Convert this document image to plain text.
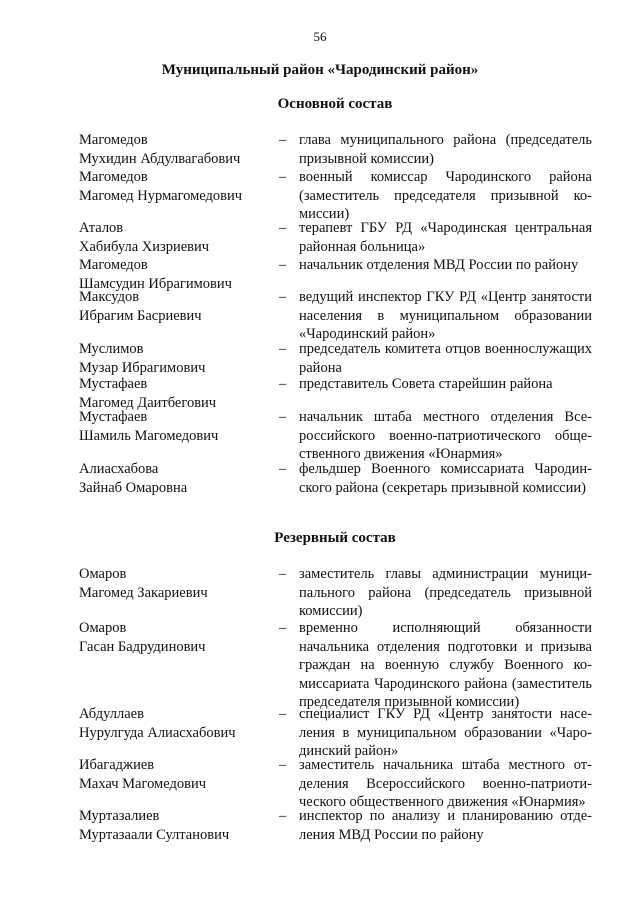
56
Муниципальный район «Чародинский район»
Основной состав
Магомедов
Мухидин Абдулвагабович
– глава муниципального района (председатель призывной комиссии)
Магомедов
Магомед Нурмагомедович
– военный комиссар Чародинского района (заместитель председателя призывной комиссии)
Аталов
Хабибула Хизриевич
– терапевт ГБУ РД «Чародинская центральная районная больница»
Магомедов
Шамсудин Ибрагимович
– начальник отделения МВД России по району
Максудов
Ибрагим Басриевич
– ведущий инспектор ГКУ РД «Центр занятости населения в муниципальном образовании «Чародинский район»
Муслимов
Музар Ибрагимович
– председатель комитета отцов военнослужащих района
Мустафаев
Магомед Даитбегович
– представитель Совета старейшин района
Мустафаев
Шамиль Магомедович
– начальник штаба местного отделения Всероссийского военно-патриотического общественного движения «Юнармия»
Алиасхабова
Зайнаб Омаровна
– фельдшер Военного комиссариата Чародинского района (секретарь призывной комиссии)
Резервный состав
Омаров
Магомед Закариевич
– заместитель главы администрации муниципального района (председатель призывной комиссии)
Омаров
Гасан Бадрудинович
– временно исполняющий обязанности начальника отделения подготовки и призыва граждан на военную службу Военного комиссариата Чародинского района (заместитель председателя призывной комиссии)
Абдуллаев
Нурулгуда Алиасхабович
– специалист ГКУ РД «Центр занятости населения в муниципальном образовании «Чародинский район»
Ибагаджиев
Махач Магомедович
– заместитель начальника штаба местного отделения Всероссийского военно-патриотического общественного движения «Юнармия»
Муртазалиев
Муртазаали Султанович
– инспектор по анализу и планированию отделения МВД России по району
